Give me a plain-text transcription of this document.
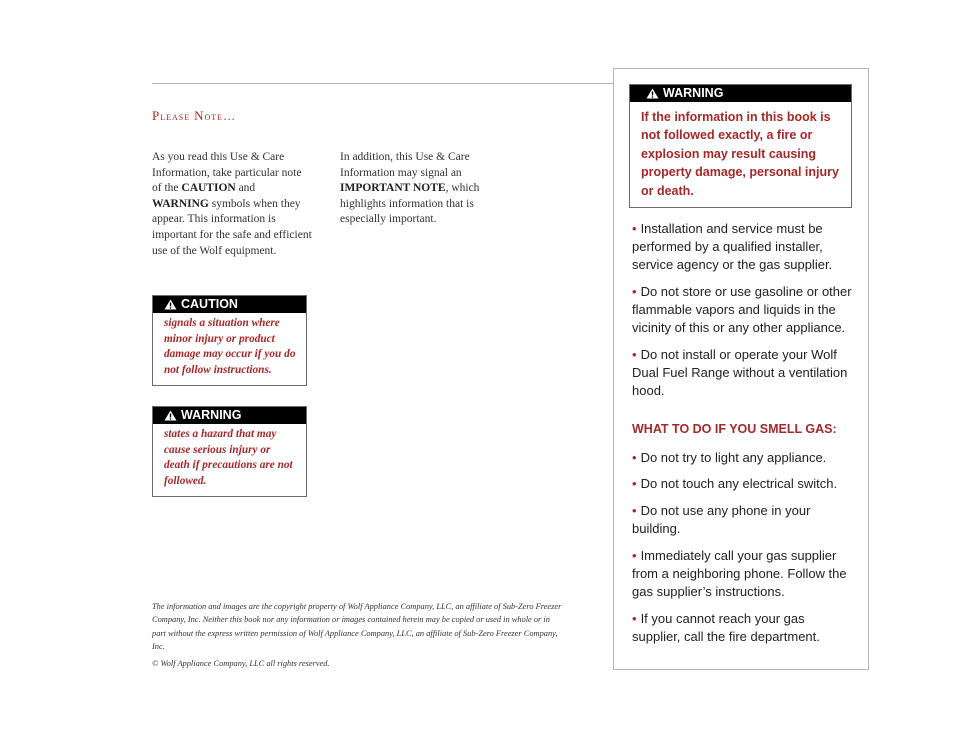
Please Note…
As you read this Use & Care Information, take particular note of the CAUTION and WARNING symbols when they appear. This information is important for the safe and efficient use of the Wolf equipment.
In addition, this Use & Care Information may signal an IMPORTANT NOTE, which highlights information that is especially important.
CAUTION
signals a situation where minor injury or product damage may occur if you do not follow instructions.
WARNING
states a hazard that may cause serious injury or death if precautions are not followed.
The information and images are the copyright property of Wolf Appliance Company, LLC, an affiliate of Sub-Zero Freezer Company, Inc. Neither this book nor any information or images contained herein may be copied or used in whole or in part without the express written permission of Wolf Appliance Company, LLC, an affiliate of Sub-Zero Freezer Company, Inc.
© Wolf Appliance Company, LLC all rights reserved.
WARNING
If the information in this book is not followed exactly, a fire or explosion may result causing property damage, personal injury or death.
• Installation and service must be performed by a qualified installer, service agency or the gas supplier.
• Do not store or use gasoline or other flammable vapors and liquids in the vicinity of this or any other appliance.
• Do not install or operate your Wolf Dual Fuel Range without a ventilation hood.
WHAT TO DO IF YOU SMELL GAS:
• Do not try to light any appliance.
• Do not touch any electrical switch.
• Do not use any phone in your building.
• Immediately call your gas supplier from a neighboring phone. Follow the gas supplier’s instructions.
• If you cannot reach your gas supplier, call the fire department.
